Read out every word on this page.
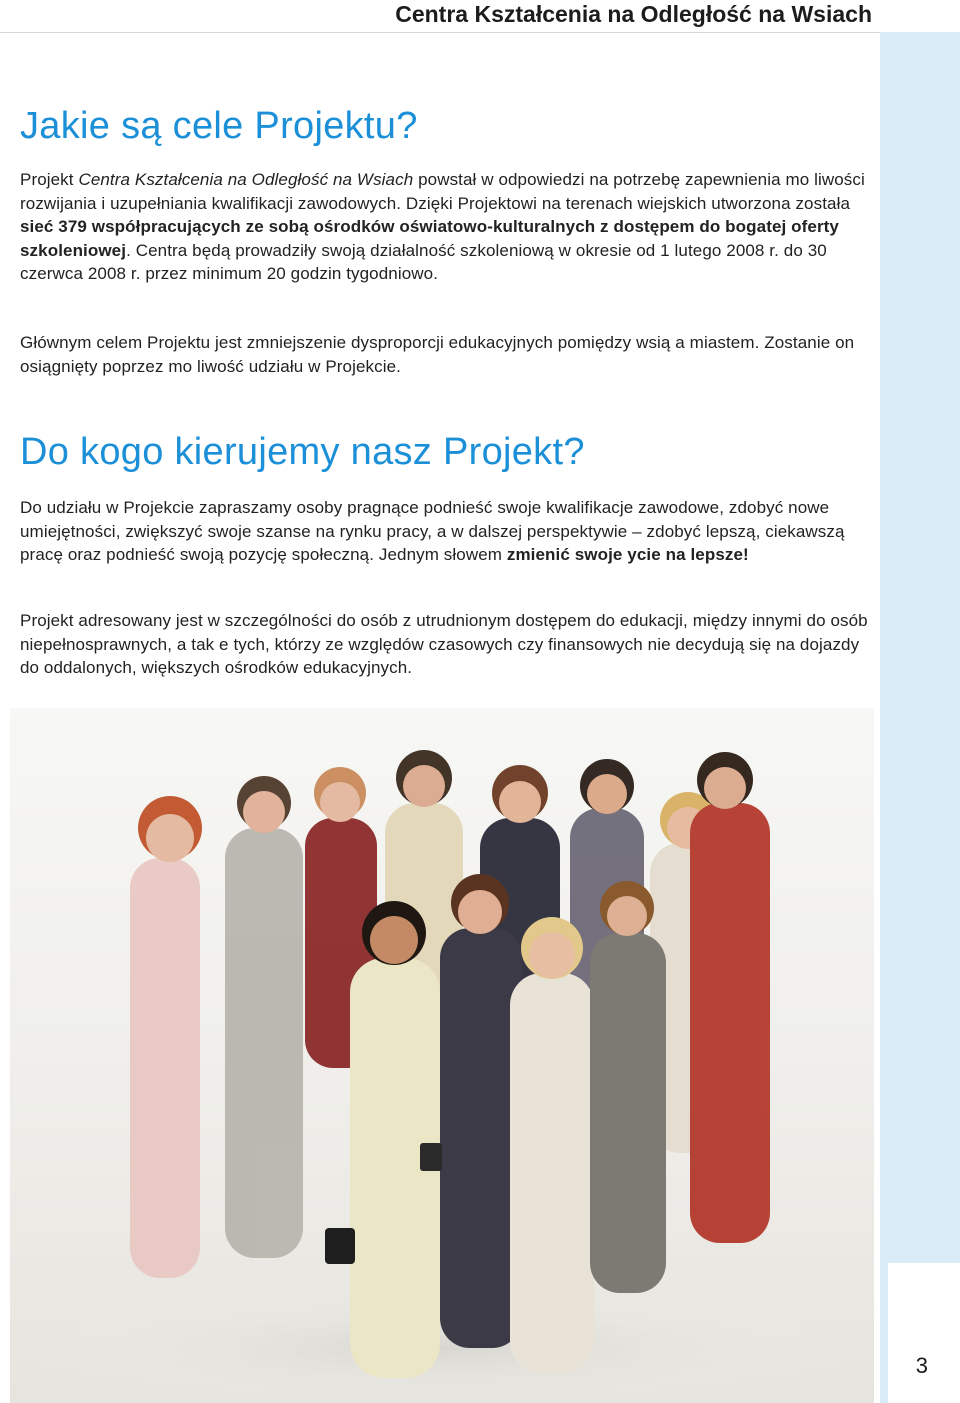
Centra Kształcenia na Odległość na Wsiach
3
Jakie są cele Projektu?

Projekt Centra Kształcenia na Odległość na Wsiach powstał w odpowiedzi na potrzebę zapewnienia mo liwości rozwijania i uzupełniania kwalifikacji zawodowych. Dzięki Projektowi na terenach wiejskich utworzona została sieć 379 współpracujących ze sobą ośrodków oświatowo-kulturalnych z dostępem do bogatej oferty szkoleniowej. Centra będą prowadziły swoją działalność szkoleniową w okresie od 1 lutego 2008 r. do 30 czerwca 2008 r. przez minimum 20 godzin tygodniowo.

Głównym celem Projektu jest zmniejszenie dysproporcji edukacyjnych pomiędzy wsią a miastem. Zostanie on osiągnięty poprzez mo liwość udziału w Projekcie.

Do kogo kierujemy nasz Projekt?

Do udziału w Projekcie zapraszamy osoby pragnące podnieść swoje kwalifikacje zawodowe, zdobyć nowe umiejętności, zwiększyć swoje szanse na rynku pracy, a w dalszej perspektywie – zdobyć lepszą, ciekawszą pracę oraz podnieść swoją pozycję społeczną. Jednym słowem zmienić swoje ycie na lepsze!

Projekt adresowany jest w szczególności do osób z utrudnionym dostępem do edukacji, między innymi do osób niepełnosprawnych, a tak e tych, którzy ze względów czasowych czy finansowych nie decydują się na dojazdy do oddalonych, większych ośrodków edukacyjnych.
